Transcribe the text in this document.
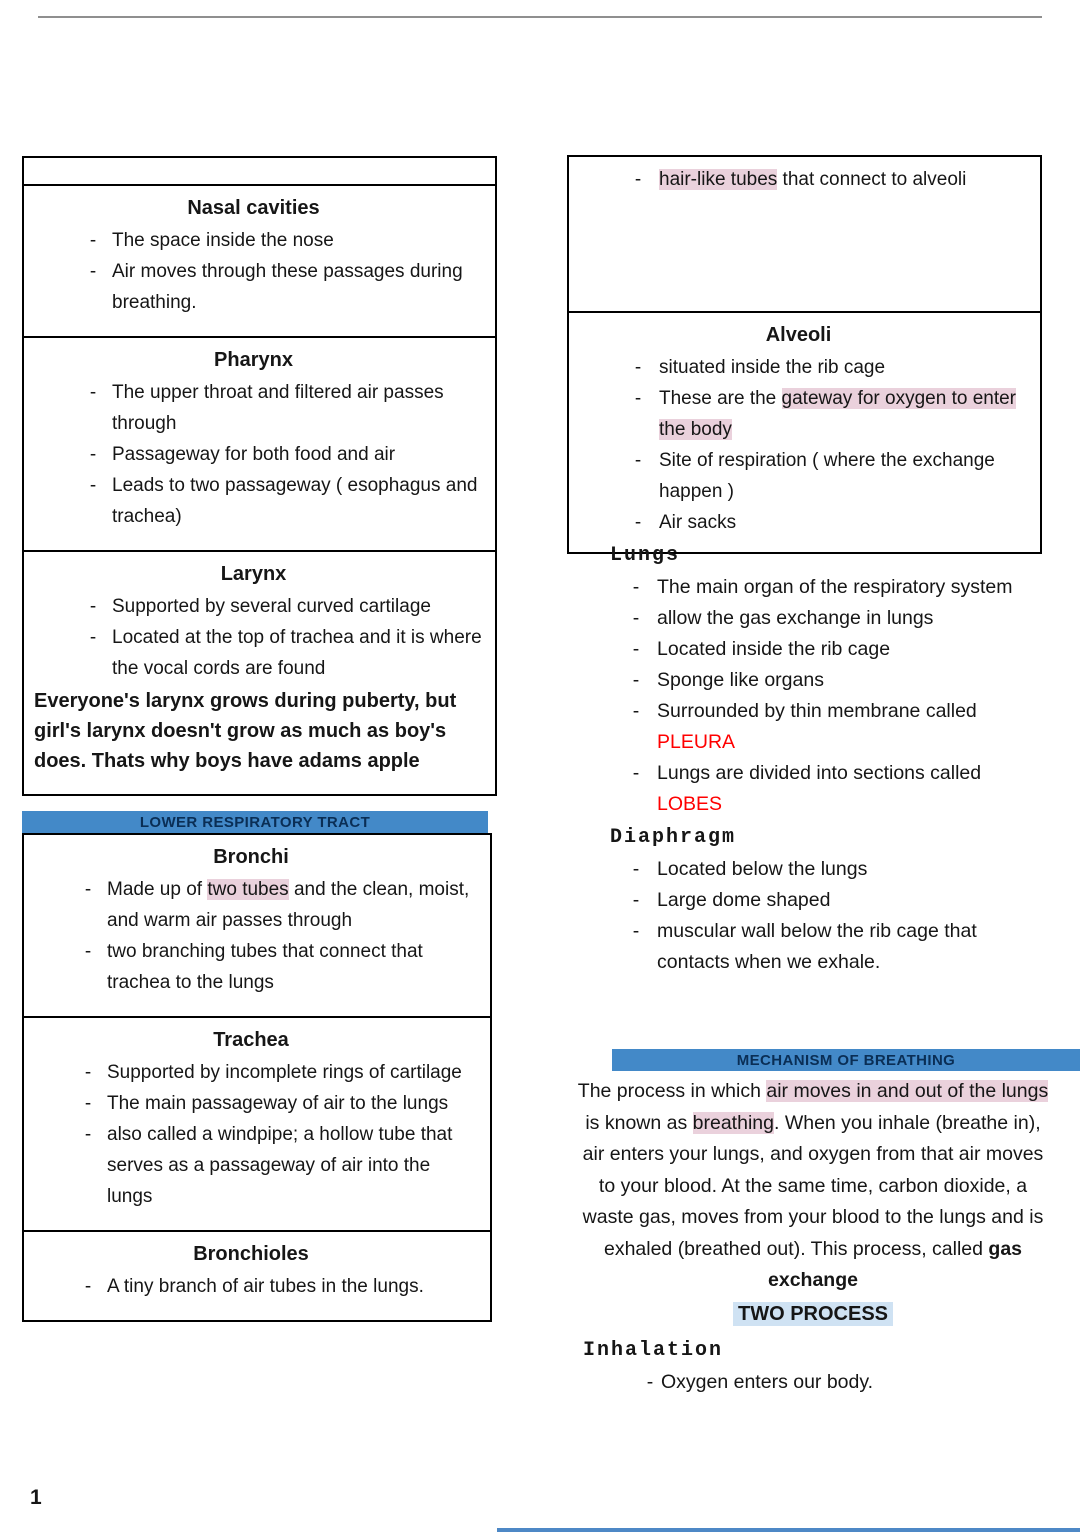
Nasal cavities
- The space inside the nose
- Air moves through these passages during breathing.
Pharynx
- The upper throat and filtered air passes through
- Passageway for both food and air
- Leads to two passageway ( esophagus and trachea)
Larynx
- Supported by several curved cartilage
- Located at the top of trachea and it is where the vocal cords are found
Everyone's larynx grows during puberty, but girl's larynx doesn't grow as much as boy's does. Thats why boys have adams apple
LOWER RESPIRATORY TRACT
Bronchi
- Made up of two tubes and the clean, moist, and warm air passes through
- two branching tubes that connect that trachea to the lungs
Trachea
- Supported by incomplete rings of cartilage
- The main passageway of air to the lungs
- also called a windpipe; a hollow tube that serves as a passageway of air into the lungs
Bronchioles
- A tiny branch of air tubes in the lungs.
- hair-like tubes that connect to alveoli
Alveoli
- situated inside the rib cage
- These are the gateway for oxygen to enter the body
- Site of respiration ( where the exchange happen )
- Air sacks
Lungs
- The main organ of the respiratory system
- allow the gas exchange in lungs
- Located inside the rib cage
- Sponge like organs
- Surrounded by thin membrane called PLEURA
- Lungs are divided into sections called LOBES
Diaphragm
- Located below the lungs
- Large dome shaped
- muscular wall below the rib cage that contacts when we exhale.
MECHANISM OF BREATHING
The process in which air moves in and out of the lungs is known as breathing. When you inhale (breathe in), air enters your lungs, and oxygen from that air moves to your blood. At the same time, carbon dioxide, a waste gas, moves from your blood to the lungs and is exhaled (breathed out). This process, called gas exchange
TWO PROCESS
Inhalation
- Oxygen enters our body.
1
